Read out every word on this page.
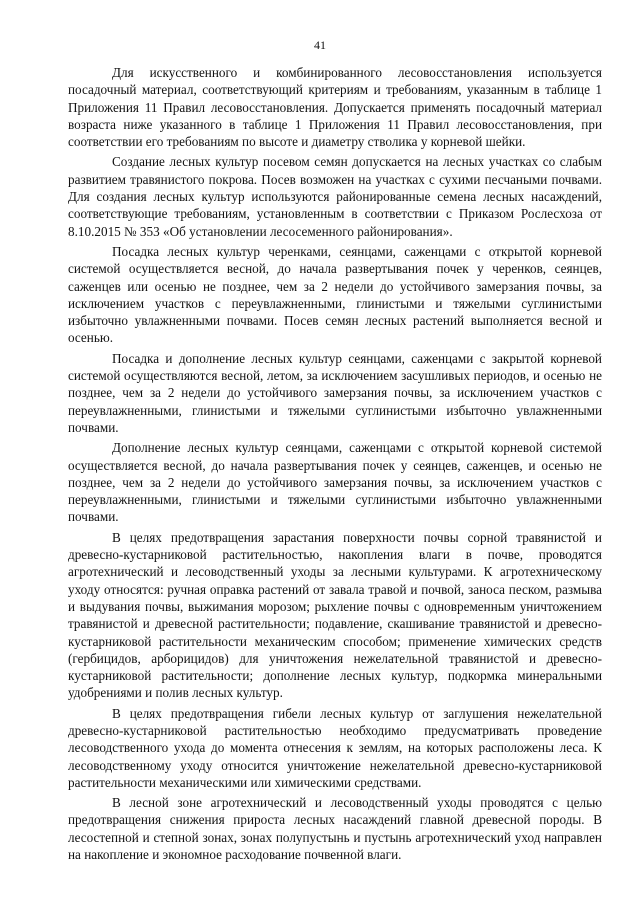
41

Для искусственного и комбинированного лесовосстановления используется посадочный материал, соответствующий критериям и требованиям, указанным в таблице 1 Приложения 11 Правил лесовосстановления. Допускается применять посадочный материал возраста ниже указанного в таблице 1 Приложения 11 Правил лесовосстановления, при соответствии его требованиям по высоте и диаметру стволика у корневой шейки.

Создание лесных культур посевом семян допускается на лесных участках со слабым развитием травянистого покрова. Посев возможен на участках с сухими песчаными почвами. Для создания лесных культур используются районированные семена лесных насаждений, соответствующие требованиям, установленным в соответствии с Приказом Рослесхоза от 8.10.2015 № 353 «Об установлении лесосеменного районирования».

Посадка лесных культур черенками, сеянцами, саженцами с открытой корневой системой осуществляется весной, до начала развертывания почек у черенков, сеянцев, саженцев или осенью не позднее, чем за 2 недели до устойчивого замерзания почвы, за исключением участков с переувлажненными, глинистыми и тяжелыми суглинистыми избыточно увлажненными почвами. Посев семян лесных растений выполняется весной и осенью.

Посадка и дополнение лесных культур сеянцами, саженцами с закрытой корневой системой осуществляются весной, летом, за исключением засушливых периодов, и осенью не позднее, чем за 2 недели до устойчивого замерзания почвы, за исключением участков с переувлажненными, глинистыми и тяжелыми суглинистыми избыточно увлажненными почвами.

Дополнение лесных культур сеянцами, саженцами с открытой корневой системой осуществляется весной, до начала развертывания почек у сеянцев, саженцев, и осенью не позднее, чем за 2 недели до устойчивого замерзания почвы, за исключением участков с переувлажненными, глинистыми и тяжелыми суглинистыми избыточно увлажненными почвами.

В целях предотвращения зарастания поверхности почвы сорной травянистой и древесно-кустарниковой растительностью, накопления влаги в почве, проводятся агротехнический и лесоводственный уходы за лесными культурами. К агротехническому уходу относятся: ручная оправка растений от завала травой и почвой, заноса песком, размыва и выдувания почвы, выжимания морозом; рыхление почвы с одновременным уничтожением травянистой и древесной растительности; подавление, скашивание травянистой и древесно-кустарниковой растительности механическим способом; применение химических средств (гербицидов, арборицидов) для уничтожения нежелательной травянистой и древесно-кустарниковой растительности; дополнение лесных культур, подкормка минеральными удобрениями и полив лесных культур.

В целях предотвращения гибели лесных культур от заглушения нежелательной древесно-кустарниковой растительностью необходимо предусматривать проведение лесоводственного ухода до момента отнесения к землям, на которых расположены леса. К лесоводственному уходу относится уничтожение нежелательной древесно-кустарниковой растительности механическими или химическими средствами.

В лесной зоне агротехнический и лесоводственный уходы проводятся с целью предотвращения снижения прироста лесных насаждений главной древесной породы. В лесостепной и степной зонах, зонах полупустынь и пустынь агротехнический уход направлен на накопление и экономное расходование почвенной влаги.
